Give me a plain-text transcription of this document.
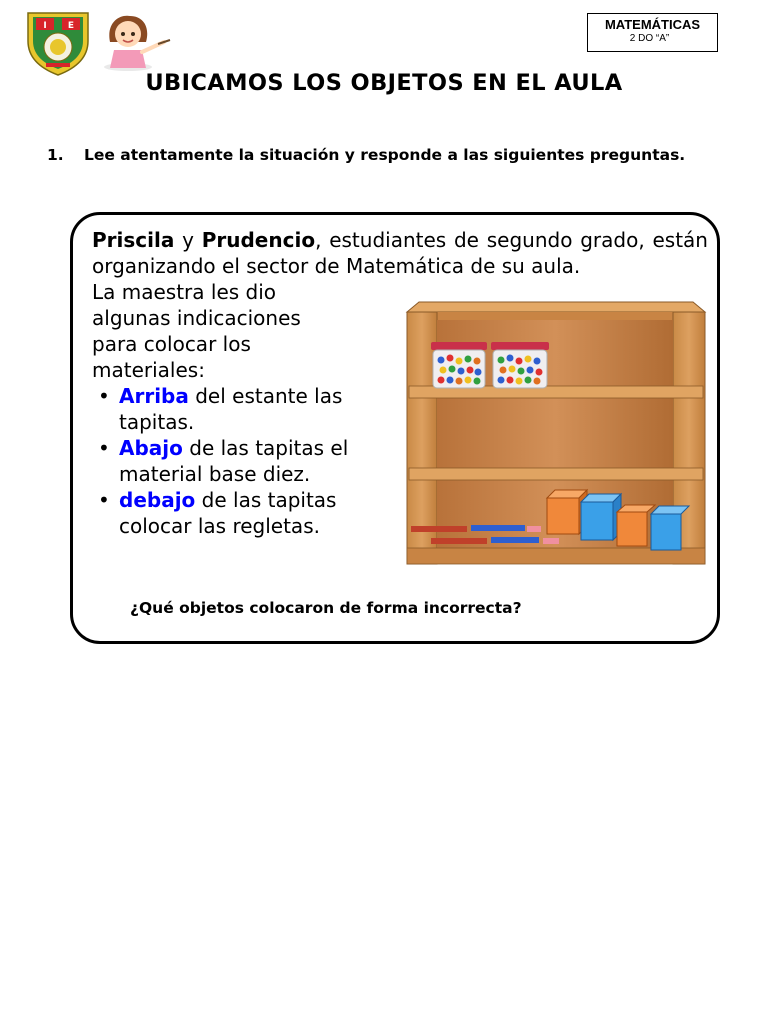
I E	MATEMÁTICAS
2 DO “A”
UBICAMOS LOS OBJETOS EN EL AULA
1. Lee atentamente la situación y responde a las siguientes preguntas.
Priscila y Prudencio, estudiantes de segundo grado, están organizando el sector de Matemática de su aula.
La maestra les dio
algunas indicaciones
para colocar los
materiales:
• Arriba del estante las tapitas.
• Abajo de las tapitas el material base diez.
• debajo de las tapitas colocar las regletas.
¿Qué objetos colocaron de forma incorrecta?
